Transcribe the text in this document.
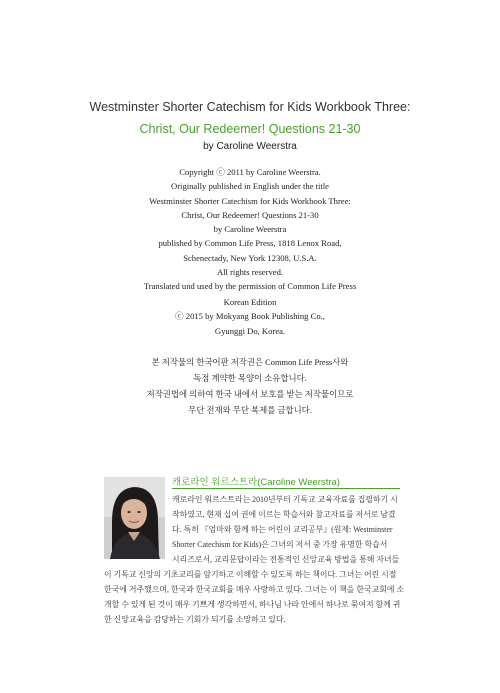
Westminster Shorter Catechism for Kids Workbook Three:
Christ, Our Redeemer! Questions 21-30
by Caroline Weerstra
Copyright ⓒ 2011 by Caroline Weerstra.
Originally published in English under the title
Westminster Shorter Catechism for Kids Workbook Three:
Christ, Our Redeemer! Questions 21-30
by Caroline Weerstra
published by Common Life Press, 1818 Lenox Road,
Schenectady, New York 12308, U.S.A.
All rights reserved.
Translated und used by the permission of Common Life Press
Korean Edition
ⓒ 2015 by Mokyang Book Publishing Co.,
Gyunggi Do, Korea.
본 저작물의 한국어판 저작권은 Common Life Press사와
독점 계약한 목양이 소유합니다.
저작권법에 의하여 한국 내에서 보호를 받는 저작물이므로
무단 전재와 무단 복제를 금합니다.
캐로라인 워르스트라(Caroline Weerstra)
캐로라인 워르스트라는 2010년부터 기독교 교육자료를 집필하기 시
작하였고, 현재 십여 권에 이르는 학습서와 참고자료를 저서로 남겼
다. 특히 『엄마와 함께 하는 어린이 교리공부』(원제: Westminster
Shorter Catechism for Kids)은 그녀의 저서 중 가장 유명한 학습서
시리즈로서, 교리문답이라는 전통적인 신앙교육 방법을 통해 자녀들
이 기독교 신앙의 기초교리를 암기하고 이해할 수 있도록 하는 책이다. 그녀는 어린 시절
한국에 거주했으며, 한국과 한국교회를 매우 사랑하고 있다. 그녀는 이 책을 한국교회에 소
개할 수 있게 된 것이 매우 기쁘게 생각하면서, 하나님 나라 안에서 하나로 묶여져 함께 귀
한 신앙교육을 감당하는 기회가 되기를 소망하고 있다.
